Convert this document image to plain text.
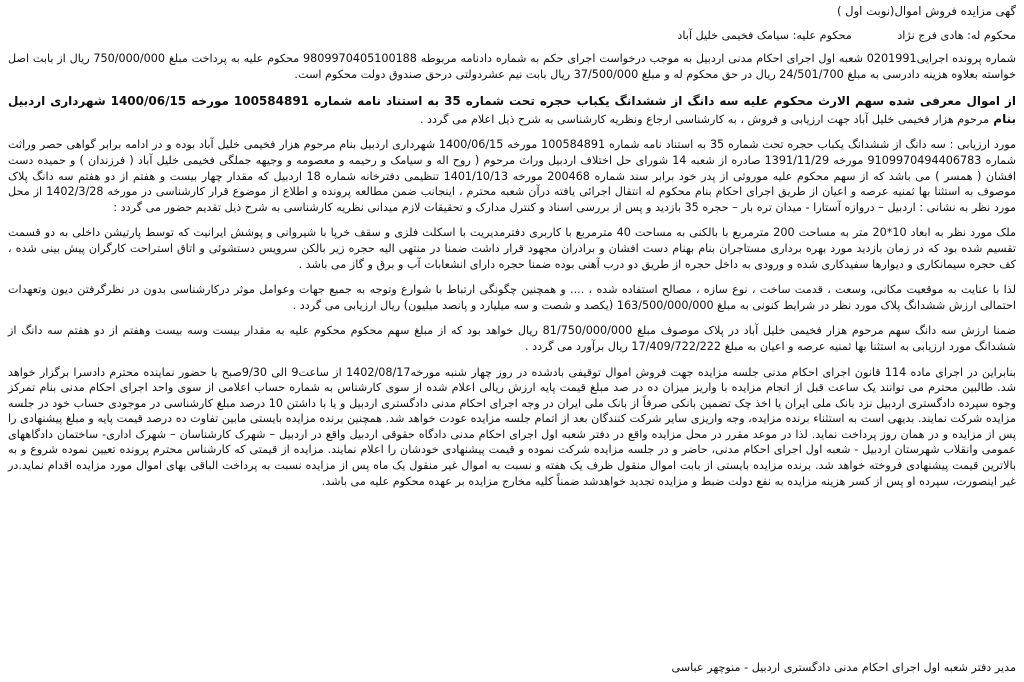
گهی مزایده فروش اموال(نوبت اول )
محکوم له: هادی فرج نژاد محکوم علیه: سیامک فخیمی خلیل آباد

شماره پرونده اجرایی0201991 شعبه اول اجرای احکام مدنی اردبیل به موجب درخواست اجرای حکم به شماره دادنامه مربوطه 9809970405100188 محکوم علیه به پرداخت مبلغ 750/000/000 ریال از بابت اصل خواسته بعلاوه هزینه دادرسی به مبلغ 24/501/700 ریال در حق محکوم له و مبلغ 37/500/000 ریال بابت نیم عشردولتی درحق صندوق دولت محکوم است.

از اموال معرفی شده سهم الارث محکوم علیه سه دانگ از ششدانگ یکباب حجره تحت شماره 35 به استناد نامه شماره 100584891 مورخه 1400/06/15 شهرداری اردبیل بنام مرحوم هزار فخیمی خلیل آباد جهت ارزیابی و فروش ، به کارشناسی ارجاع ونظریه کارشناسی به شرح ذیل اعلام می گردد .

مورد ارزیابی : سه دانگ از ششدانگ یکباب حجره تحت شماره 35 به استناد نامه شماره 100584891 مورخه 1400/06/15 شهرداری اردبیل بنام مرحوم هزار فخیمی خلیل آباد بوده و در ادامه برابر گواهی حصر وراثت شماره 9109970494406783 مورخه 1391/11/29 صادره از شعبه 14 شورای حل اختلاف اردبیل وراث مرحوم ( روح اله و سیامک و رحیمه و معصومه و وجیهه جملگی فخیمی خلیل آباد ( فرزندان ) و حمیده دست افشان ( همسر ) می باشد که از سهم محکوم علیه موروثی از پدر خود برابر سند شماره 200468 مورخه 1401/10/13 تنظیمی دفترخانه شماره 18 اردبیل که مقدار چهار بیست و هفتم از دو هفتم سه دانگ پلاک موصوف به استثنا بها ثمنیه عرصه و اعیان از طریق اجرای احکام بنام محکوم له انتقال اجرائی یافته درآن شعبه محترم ، اینجانب ضمن مطالعه پرونده و اطلاع از موضوع قرار کارشناسی در مورخه 1402/3/28 از محل مورد نظر به نشانی : اردبیل – دروازه آستارا - میدان تره بار – حجره 35 بازدید و پس از بررسی اسناد و کنترل مدارک و تحقیقات لازم میدانی نظریه کارشناسی به شرح ذیل تقدیم حضور می گردد :

ملک مورد نظر به ابعاد 10*20 متر به مساحت 200 مترمربع با بالکنی به مساحت 40 مترمربع با کاربری دفترمدیریت با اسکلت فلزی و سقف خرپا با شیروانی و پوشش ایرانیت که توسط پارتیشن داخلی به دو قسمت تقسیم شده بود که در زمان بازدید مورد بهره برداری مستاجران بنام بهنام دست افشان و برادران مجهود قرار داشت ضمنا در منتهی الیه حجره زیر بالکن سرویس دستشوئی و اتاق استراحت کارگران پیش بینی شده ، کف حجره سیمانکاری و دیوارها سفیدکاری شده و ورودی به داخل حجره از طریق دو درب آهنی بوده ضمنا حجره دارای انشعابات آب و برق و گاز می باشد .

لذا با عنایت به موقعیت مکانی، وسعت ، قدمت ساخت ، نوع سازه ، مصالح استفاده شده ، .... و همچنین چگونگی ارتباط با شوارع وتوجه به جمیع جهات وعوامل موثر درکارشناسی بدون در نظرگرفتن دیون وتعهدات احتمالی ارزش ششدانگ پلاک مورد نظر در شرایط کنونی به مبلغ 163/500/000/000 (یکصد و شصت و سه میلیارد و پانصد میلیون) ریال ارزیابی می گردد .

ضمنا ارزش سه دانگ سهم مرحوم هزار فخیمی خلیل آباد در پلاک موصوف مبلغ 81/750/000/000 ریال خواهد بود که از مبلغ سهم محکوم محکوم علیه به مقدار بیست وسه بیست وهفتم از دو هفتم سه دانگ از ششدانگ مورد ارزیابی به استثنا بها ثمنیه عرصه و اعیان به مبلغ 17/409/722/222 ریال برآورد می گردد .

بنابراین در اجرای ماده 114 قانون اجرای احکام مدنی جلسه مزایده جهت فروش اموال توقیفی بادشده در روز چهار شنبه مورخه1402/08/17 از ساعت9 الی 9/30صبح با حضور نماینده محترم دادسرا برگزار خواهد شد. طالبین محترم می توانند یک ساعت قبل از انجام مزایده با واریز میزان ده در صد مبلغ قیمت پایه ارزش ریالی اعلام شده از سوی کارشناس به شماره حساب اعلامی از سوی واحد اجرای احکام مدنی بنام تمرکز وجوه سپرده دادگستری اردبیل نزد بانک ملی ایران یا اخذ چک تضمین بانکی صرفاً از بانک ملی ایران در وجه اجرای احکام مدنی دادگستری اردبیل و یا با داشتن 10 درصد مبلغ کارشناسی در موجودی حساب خود در جلسه مزایده شرکت نمایند. بدیهی است به استثناء برنده مزایده، وجه واریزی سایر شرکت کنندگان بعد از اتمام جلسه مزایده عودت خواهد شد. همچنین برنده مزایده بایستی مابین تفاوت ده درصد قیمت پایه و مبلغ پیشنهادی را پس از مزایده و در همان روز پرداخت نماید. لذا در موعد مقرر در محل مزایده واقع در دفتر شعبه اول اجرای احکام مدنی دادگاه حقوقی اردبیل واقع در اردبیل – شهرک کارشناسان – شهرک اداری- ساختمان دادگاههای عمومی وانقلاب شهرستان اردبیل - شعبه اول اجرای احکام مدنی، حاضر و در جلسه مزایده شرکت نموده و قیمت پیشنهادی خودشان را اعلام نمایند. مزایده از قیمتی که کارشناس محترم پرونده تعیین نموده شروع و به بالاترین قیمت پیشنهادی فروخته خواهد شد. برنده مزایده بایستی از بابت اموال منقول ظرف یک هفته و نسبت به اموال غیر منقول یک ماه پس از مزایده نسبت به پرداخت الباقی بهای اموال مورد مزایده اقدام نماید.در غیر اینصورت، سپرده او پس از کسر هزینه مزایده به نفع دولت ضبط و مزایده تجدید خواهدشد ضمناً کلیه مخارج مزایده بر عهده محکوم علیه می باشد.

مدیر دفتر شعبه اول اجرای احکام مدنی دادگستری اردبیل - منوچهر عباسی
